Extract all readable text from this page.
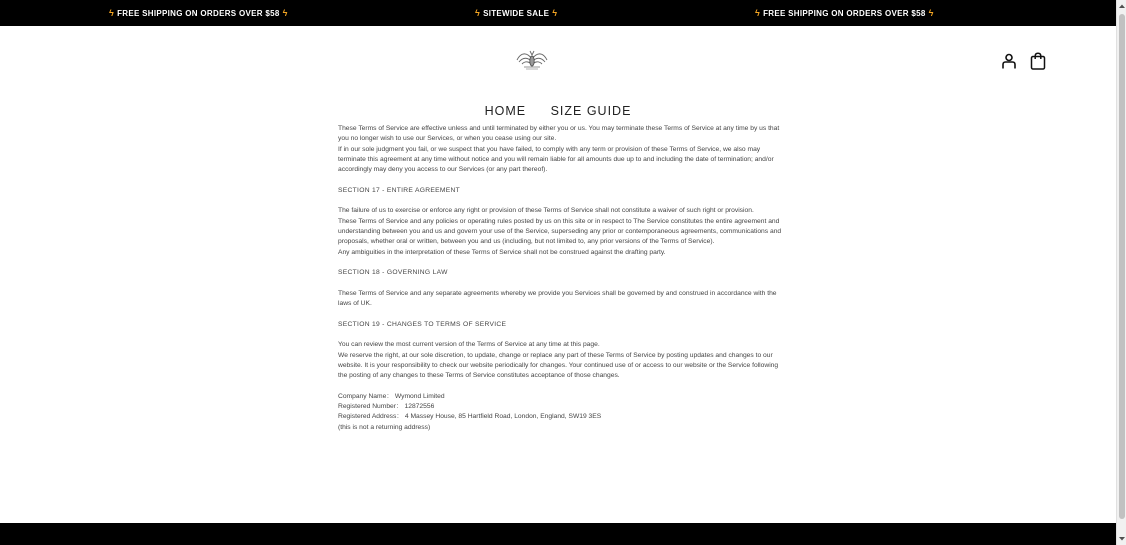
ϟ FREE SHIPPING ON ORDERS OVER $58 ϟ	ϟ SITEWIDE SALE ϟ	ϟ FREE SHIPPING ON ORDERS OVER $58 ϟ
HOME SIZE GUIDE

These Terms of Service are effective unless and until terminated by either you or us. You may terminate these Terms of Service at any time by us that you no longer wish to use our Services, or when you cease using our site.

If in our sole judgment you fail, or we suspect that you have failed, to comply with any term or provision of these Terms of Service, we also may terminate this agreement at any time without notice and you will remain liable for all amounts due up to and including the date of termination; and/or accordingly may deny you access to our Services (or any part thereof).

SECTION 17 - ENTIRE AGREEMENT

The failure of us to exercise or enforce any right or provision of these Terms of Service shall not constitute a waiver of such right or provision.

These Terms of Service and any policies or operating rules posted by us on this site or in respect to The Service constitutes the entire agreement and understanding between you and us and govern your use of the Service, superseding any prior or contemporaneous agreements, communications and proposals, whether oral or written, between you and us (including, but not limited to, any prior versions of the Terms of Service).

Any ambiguities in the interpretation of these Terms of Service shall not be construed against the drafting party.

SECTION 18 - GOVERNING LAW

These Terms of Service and any separate agreements whereby we provide you Services shall be governed by and construed in accordance with the laws of UK.

SECTION 19 - CHANGES TO TERMS OF SERVICE

You can review the most current version of the Terms of Service at any time at this page.

We reserve the right, at our sole discretion, to update, change or replace any part of these Terms of Service by posting updates and changes to our website. It is your responsibility to check our website periodically for changes. Your continued use of or access to our website or the Service following the posting of any changes to these Terms of Service constitutes acceptance of those changes.

Company Name： Wymond Limited

Registered Number： 12872556

Registered Address： 4 Massey House, 85 Hartfield Road, London, England, SW19 3ES

(this is not a returning address)
